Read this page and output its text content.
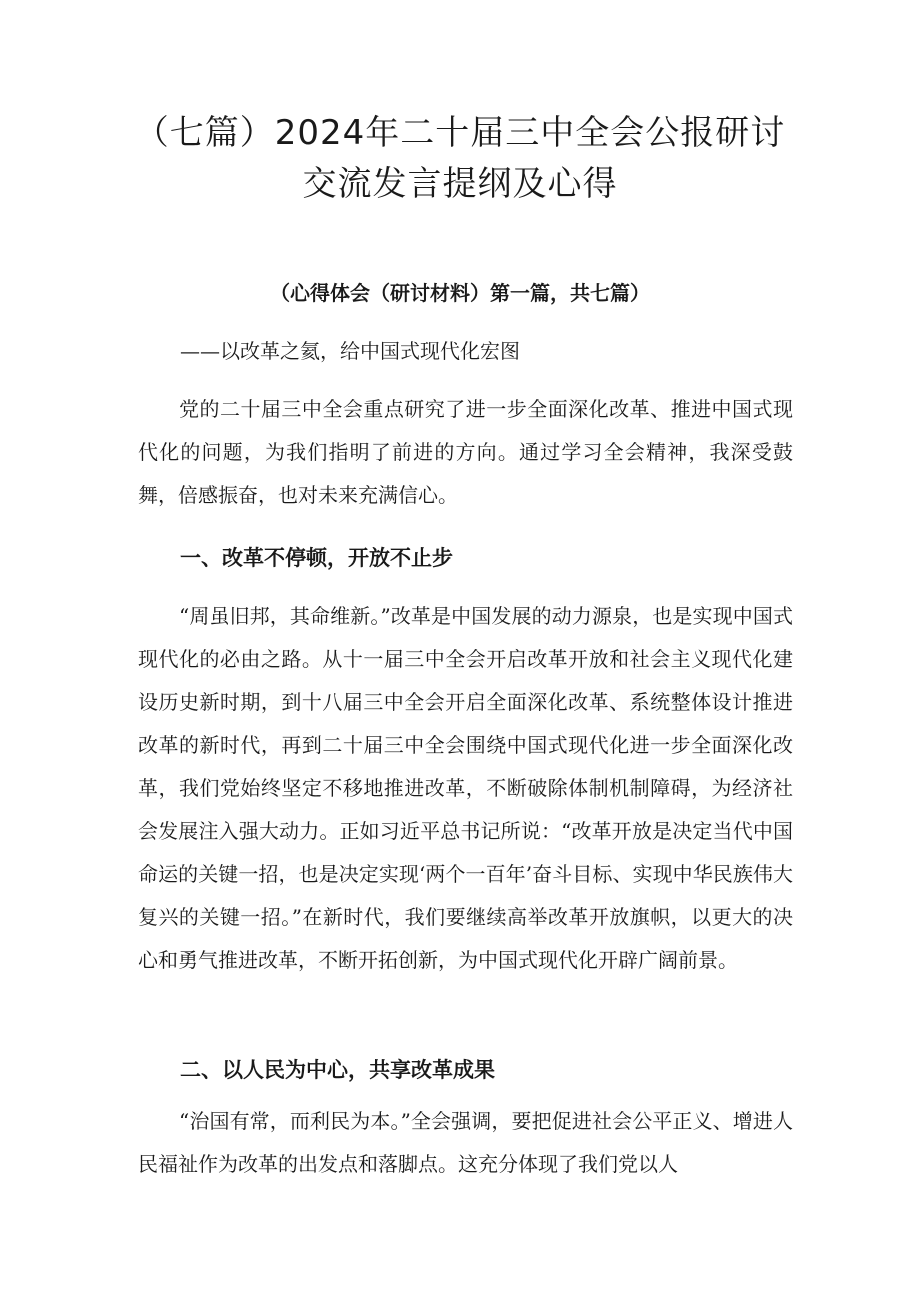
（七篇）2024年二十届三中全会公报研讨
交流发言提纲及心得
（心得体会（研讨材料）第一篇，共七篇）
——以改革之氦，给中国式现代化宏图

党的二十届三中全会重点研究了进一步全面深化改革、推进中国式现代化的问题，为我们指明了前进的方向。通过学习全会精神，我深受鼓舞，倍感振奋，也对未来充满信心。

一、改革不停顿，开放不止步

“周虽旧邦，其命维新。”改革是中国发展的动力源泉，也是实现中国式现代化的必由之路。从十一届三中全会开启改革开放和社会主义现代化建设历史新时期，到十八届三中全会开启全面深化改革、系统整体设计推进改革的新时代，再到二十届三中全会围绕中国式现代化进一步全面深化改革，我们党始终坚定不移地推进改革，不断破除体制机制障碍，为经济社会发展注入强大动力。正如习近平总书记所说：“改革开放是决定当代中国命运的关键一招，也是决定实现‘两个一百年’奋斗目标、实现中华民族伟大复兴的关键一招。”在新时代，我们要继续高举改革开放旗帜，以更大的决心和勇气推进改革，不断开拓创新，为中国式现代化开辟广阔前景。

二、以人民为中心，共享改革成果

“治国有常，而利民为本。”全会强调，要把促进社会公平正义、增进人民福祉作为改革的出发点和落脚点。这充分体现了我们党以人
